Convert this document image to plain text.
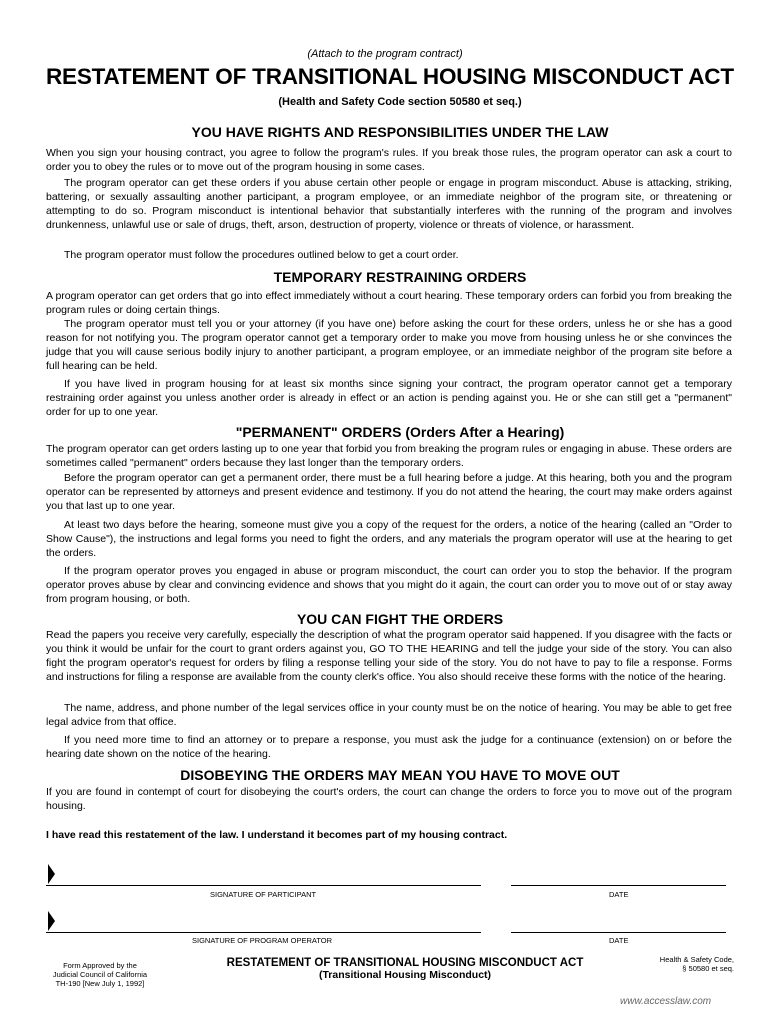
(Attach to the program contract)
RESTATEMENT OF TRANSITIONAL HOUSING MISCONDUCT ACT
(Health and Safety Code section 50580 et seq.)
YOU HAVE RIGHTS AND RESPONSIBILITIES UNDER THE LAW
When you sign your housing contract, you agree to follow the program's rules. If you break those rules, the program operator can ask a court to order you to obey the rules or to move out of the program housing in some cases.
The program operator can get these orders if you abuse certain other people or engage in program misconduct. Abuse is attacking, striking, battering, or sexually assaulting another participant, a program employee, or an immediate neighbor of the program site, or threatening or attempting to do so. Program misconduct is intentional behavior that substantially interferes with the running of the program and involves drunkenness, unlawful use or sale of drugs, theft, arson, destruction of property, violence or threats of violence, or harassment.
The program operator must follow the procedures outlined below to get a court order.
TEMPORARY RESTRAINING ORDERS
A program operator can get orders that go into effect immediately without a court hearing. These temporary orders can forbid you from breaking the program rules or doing certain things.
The program operator must tell you or your attorney (if you have one) before asking the court for these orders, unless he or she has a good reason for not notifying you. The program operator cannot get a temporary order to make you move from housing unless he or she convinces the judge that you will cause serious bodily injury to another participant, a program employee, or an immediate neighbor of the program site before a full hearing can be held.
If you have lived in program housing for at least six months since signing your contract, the program operator cannot get a temporary restraining order against you unless another order is already in effect or an action is pending against you. He or she can still get a "permanent" order for up to one year.
"PERMANENT" ORDERS (Orders After a Hearing)
The program operator can get orders lasting up to one year that forbid you from breaking the program rules or engaging in abuse. These orders are sometimes called "permanent" orders because they last longer than the temporary orders.
Before the program operator can get a permanent order, there must be a full hearing before a judge. At this hearing, both you and the program operator can be represented by attorneys and present evidence and testimony. If you do not attend the hearing, the court may make orders against you that last up to one year.
At least two days before the hearing, someone must give you a copy of the request for the orders, a notice of the hearing (called an "Order to Show Cause"), the instructions and legal forms you need to fight the orders, and any materials the program operator will use at the hearing to get the orders.
If the program operator proves you engaged in abuse or program misconduct, the court can order you to stop the behavior. If the program operator proves abuse by clear and convincing evidence and shows that you might do it again, the court can order you to move out of or stay away from program housing, or both.
YOU CAN FIGHT THE ORDERS
Read the papers you receive very carefully, especially the description of what the program operator said happened. If you disagree with the facts or you think it would be unfair for the court to grant orders against you, GO TO THE HEARING and tell the judge your side of the story. You can also fight the program operator's request for orders by filing a response telling your side of the story. You do not have to pay to file a response. Forms and instructions for filing a response are available from the county clerk's office. You also should receive these forms with the notice of the hearing.
The name, address, and phone number of the legal services office in your county must be on the notice of hearing. You may be able to get free legal advice from that office.
If you need more time to find an attorney or to prepare a response, you must ask the judge for a continuance (extension) on or before the hearing date shown on the notice of the hearing.
DISOBEYING THE ORDERS MAY MEAN YOU HAVE TO MOVE OUT
If you are found in contempt of court for disobeying the court's orders, the court can change the orders to force you to move out of the program housing.
I have read this restatement of the law. I understand it becomes part of my housing contract.
SIGNATURE OF PARTICIPANT	DATE
SIGNATURE OF PROGRAM OPERATOR	DATE
Form Approved by the
Judicial Council of California
TH-190 [New July 1, 1992]
RESTATEMENT OF TRANSITIONAL HOUSING MISCONDUCT ACT
(Transitional Housing Misconduct)
Health & Safety Code,
§ 50580 et seq.
www.accesslaw.com
